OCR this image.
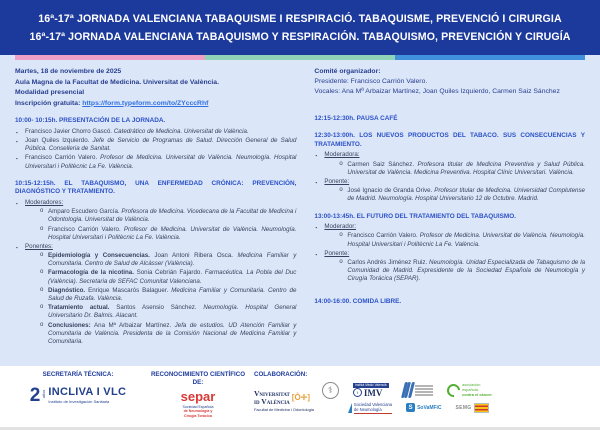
16ª-17ª JORNADA VALENCIANA TABAQUISME I RESPIRACIÓ. TABAQUISME, PREVENCIÓ I CIRURGIA
16ª-17ª JORNADA VALENCIANA TABAQUISMO Y RESPIRACIÓN. TABAQUISMO, PREVENCIÓN Y CIRUGÍA
Martes, 18 de noviembre de 2025
Aula Magna de la Facultat de Medicina. Universitat de València.
Modalidad presencial
Inscripción gratuita: https://form.typeform.com/to/ZYcccRhf
10:00- 10:15h. PRESENTACIÓN DE LA JORNADA.
▪	Francisco Javier Chorro Gascó. Catedrático de Medicina. Universitat de València.
▪	Joan Quiles Izquierdo. Jefe de Servicio de Programas de Salud. Dirección General de Salud Pública. Conselleria de Sanitat.
▪	Francisco Carrión Valero. Profesor de Medicina. Universitat de València. Neumología. Hospital Universitari i Politècnic La Fe. València.
10:15-12:15h. EL TABAQUISMO, UNA ENFERMEDAD CRÓNICA: PREVENCIÓN, DIAGNÓSTICO Y TRATAMIENTO.
▪	Moderadores:
o Amparo Escudero García. Profesora de Medicina. Vicedecana de la Facultat de Medicina i Odontologia. Universitat de València.
o Francisco Carrión Valero. Profesor de Medicina. Universitat de València. Neumología. Hospital Universitari i Politècnic La Fe. València.
▪	Ponentes:
o Epidemiología y Consecuencias. Joan Antoni Ribera Osca. Medicina Familiar y Comunitaria. Centro de Salud de Alcàsser (València).
o Farmacología de la nicotina. Sonia Cebrián Fajardo. Farmacéutica. La Pobla del Duc (València). Secretaria de SEFAC Comunitat Valenciana.
o Diagnóstico. Enrique Mascarós Balaguer. Medicina Familiar y Comunitaria. Centro de Salud de Ruzafa. València.
o Tratamiento actual. Santos Asensio Sánchez. Neumología. Hospital General Universitario Dr. Balmis. Alacant.
o Conclusiones: Ana Mª Arbaizar Martínez. Jefa de estudios. UD Atención Familiar y Comunitaria de València. Presidenta de la Comisión Nacional de Medicina Familiar y Comunitaria.
Comité organizador:
Presidente: Francisco Carrión Valero.
Vocales: Ana Mª Arbaizar Martínez, Joan Quiles Izquierdo, Carmen Saiz Sánchez
12:15-12:30h. PAUSA CAFÉ
12:30-13:00h. LOS NUEVOS PRODUCTOS DEL TABACO. SUS CONSECUENCIAS Y TRATAMIENTO.
▪	Moderadora:
o Carmen Saiz Sánchez. Profesora titular de Medicina Preventiva y Salud Pública. Universitat de València. Medicina Preventiva. Hospital Clínic Universitari. València.
▪	Ponente:
o José Ignacio de Granda Orive. Profesor titular de Medicina. Universidad Complutense de Madrid. Neumología. Hospital Universitario 12 de Octubre. Madrid.
13:00-13:45h. EL FUTURO DEL TRATAMIENTO DEL TABAQUISMO.
▪	Moderador:
o Francisco Carrión Valero. Profesor de Medicina. Universitat de València. Neumología. Hospital Universitari i Politècnic La Fe. València.
▪	Ponente:
o Carlos Andrés Jiménez Ruiz. Neumología. Unidad Especializada de Tabaquismo de la Comunidad de Madrid. Expresidente de la Sociedad Española de Neumología y Cirugía Torácica (SEPAR).
14:00-16:00. COMIDA LIBRE.
SECRETARÍA TÉCNICA:
2 años INCLIVA I VLC
Instituto de Investigación Sanitaria
RECONOCIMIENTO CIENTÍFICO DE:
separ
Sociedad Española
de Neumología y
Cirugía Torácica
COLABORACIÓN:
Vniversitat
id València [Ò✛]
Facultat de Medicina i Odontologia
⚕
Institut Mèdic Valencià
⚕ IMV
asociación
española
contra el cáncer
Sociedad Valenciana
de Neumología	S SoVaMFiC	SEMG
